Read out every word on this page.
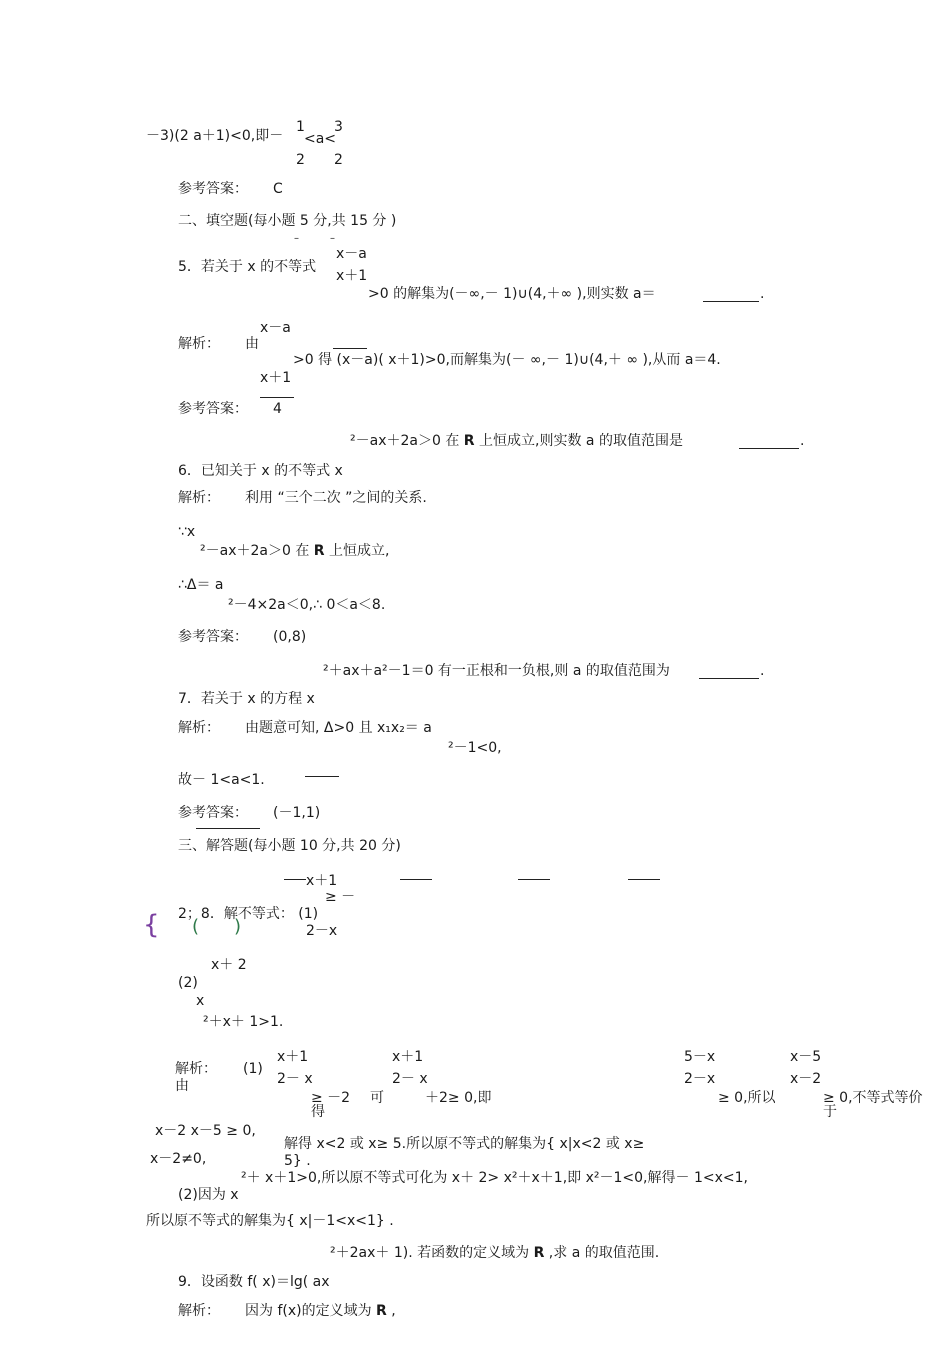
－3)(2 a＋1)<0,即－
1
2
<a<
3
2
参考答案： C
二、填空题(每小题 5 分,共 15 分 )
–	–
5．若关于 x 的不等式
x－a
x＋1
>0 的解集为(－∞,－ 1)∪(4,＋∞ ),则实数 a＝	.
解析： 由
x－a
x＋1
>0 得 (x－a)( x＋1)>0,而解集为(－ ∞,－ 1)∪(4,＋ ∞ ),从而 a＝4.
参考答案： 4
²－ax＋2a＞0 在 R 上恒成立,则实数 a 的取值范围是	.
6．已知关于 x 的不等式 x
解析： 利用 “三个二次 ”之间的关系.
∵x
²－ax＋2a＞0 在 R 上恒成立,
∴Δ＝ a
²－4×2a＜0,∴ 0＜a＜8.
参考答案： (0,8)
²＋ax＋a²－1＝0 有一正根和一负根,则 a 的取值范围为	.
7．若关于 x 的方程 x
解析： 由题意可知, Δ>0 且 x₁x₂＝ a
²－1<0,
故－ 1<a<1.
参考答案： (－1,1)
三、解答题(每小题 10 分,共 20 分)
x＋1
≥ －
{ ( )
2；8．解不等式： (1)
2－x
x＋ 2
(2)
x
²＋x＋ 1>1.
解析：
由
(1)
x＋1
2－ x
≥ －2 可
得
x＋1
2－ x
＋2≥ 0,即
5－x
2－x
≥ 0,所以
x－5
x－2
≥ 0,不等式等价
于
x－2 x－5 ≥ 0,
x－2≠0,
解得 x<2 或 x≥ 5.所以原不等式的解集为{ x|x<2 或 x≥
5} .
²＋ x＋1>0,所以原不等式可化为 x＋ 2> x²＋x＋1,即 x²－1<0,解得－ 1<x<1,
(2)因为 x
所以原不等式的解集为{ x|－1<x<1} .
²＋2ax＋ 1). 若函数的定义域为 R ,求 a 的取值范围.
9．设函数 f( x)＝lg( ax
解析： 因为 f(x)的定义域为 R ,
